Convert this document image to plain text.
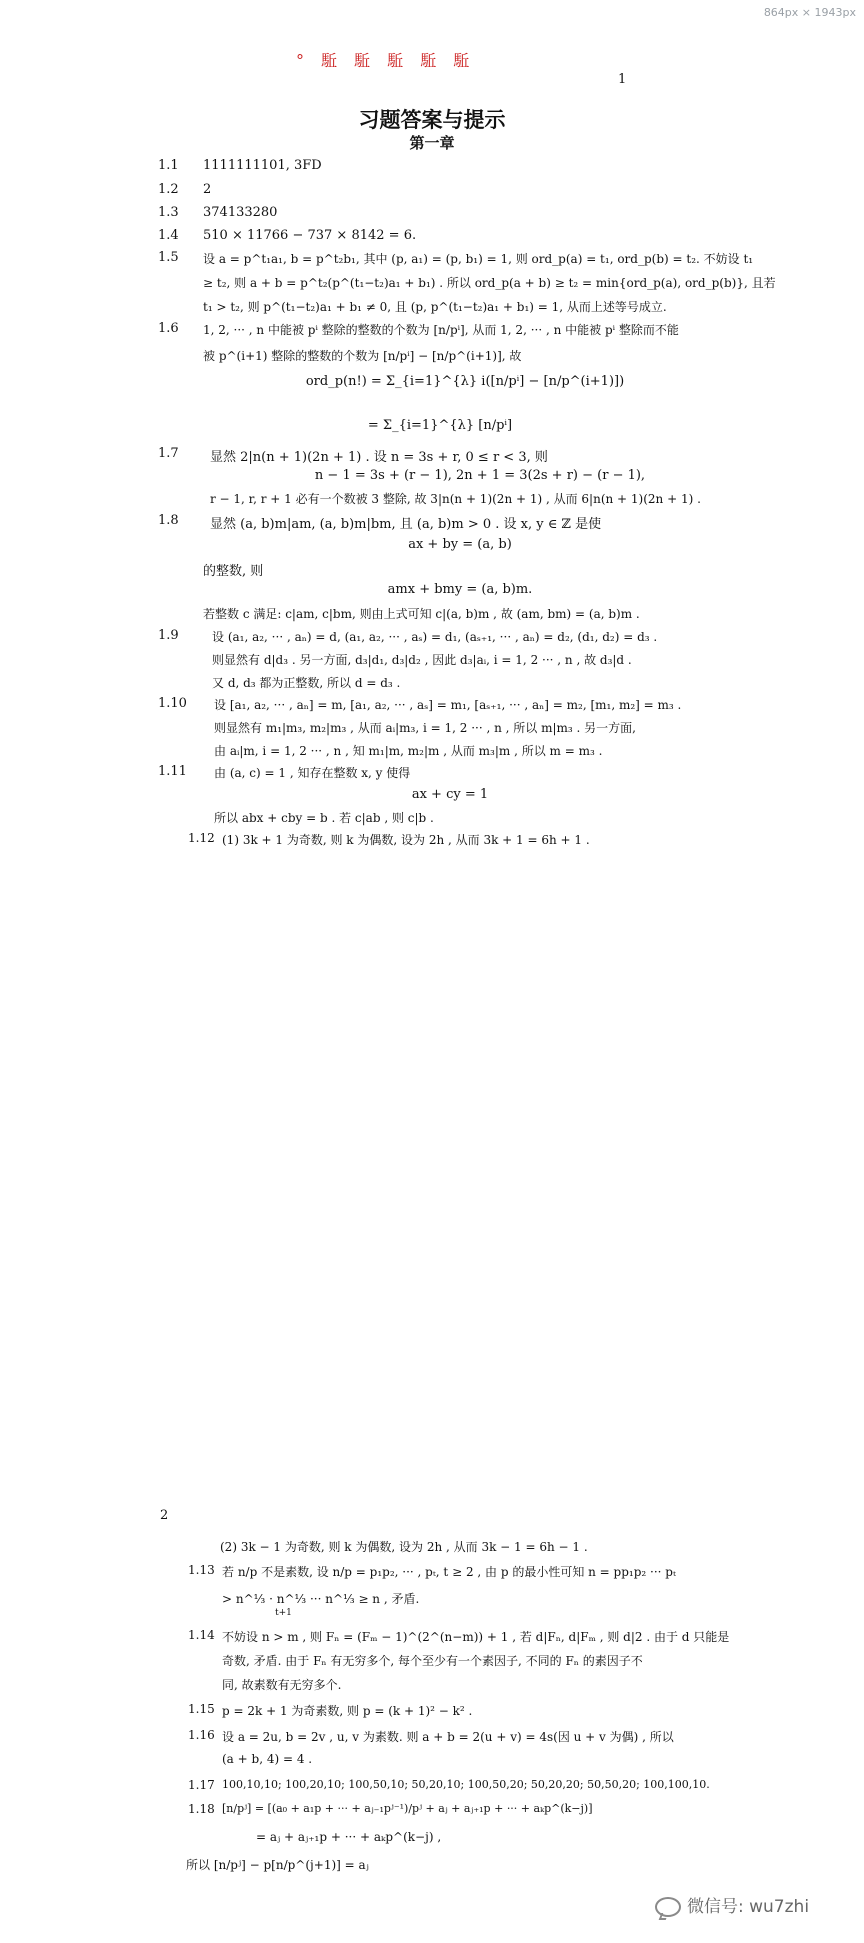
864px × 1943px
° 駈 駈 駈 駈 駈
1
习题答案与提示
第一章
1.1 1111111101, 3FD
1.2 2
1.3 374133280
1.4 510 × 11766 − 737 × 8142 = 6.
1.5 设 a = p^t₁a₁, b = p^t₂b₁, 其中 (p, a₁) = (p, b₁) = 1, 则 ord_p(a) = t₁, ord_p(b) = t₂. 不妨设 t₁
≥ t₂, 则 a + b = p^t₂(p^(t₁−t₂)a₁ + b₁) . 所以 ord_p(a + b) ≥ t₂ = min{ord_p(a), ord_p(b)}, 且若
t₁ > t₂, 则 p^(t₁−t₂)a₁ + b₁ ≠ 0, 且 (p, p^(t₁−t₂)a₁ + b₁) = 1, 从而上述等号成立.
1.6 1, 2, ··· , n 中能被 pⁱ 整除的整数的个数为 [n/pⁱ], 从而 1, 2, ··· , n 中能被 pⁱ 整除而不能
被 p^(i+1) 整除的整数的个数为 [n/pⁱ] − [n/p^(i+1)], 故
ord_p(n!) = Σ_{i=1}^{λ} i([n/pⁱ] − [n/p^(i+1)])
= Σ_{i=1}^{λ} [n/pⁱ]
1.7 显然 2|n(n + 1)(2n + 1) . 设 n = 3s + r, 0 ≤ r < 3, 则
n − 1 = 3s + (r − 1), 2n + 1 = 3(2s + r) − (r − 1),
r − 1, r, r + 1 必有一个数被 3 整除, 故 3|n(n + 1)(2n + 1) , 从而 6|n(n + 1)(2n + 1) .
1.8 显然 (a, b)m|am, (a, b)m|bm, 且 (a, b)m > 0 . 设 x, y ∈ ℤ 是使
ax + by = (a, b)
的整数, 则
amx + bmy = (a, b)m.
若整数 c 满足: c|am, c|bm, 则由上式可知 c|(a, b)m , 故 (am, bm) = (a, b)m .
1.9	设 (a₁, a₂, ··· , aₙ) = d, (a₁, a₂, ··· , aₛ) = d₁, (aₛ₊₁, ··· , aₙ) = d₂, (d₁, d₂) = d₃ .
则显然有 d|d₃ . 另一方面, d₃|d₁, d₃|d₂ , 因此 d₃|aᵢ, i = 1, 2 ··· , n , 故 d₃|d .
又 d, d₃ 都为正整数, 所以 d = d₃ .
1.10 设 [a₁, a₂, ··· , aₙ] = m, [a₁, a₂, ··· , aₛ] = m₁, [aₛ₊₁, ··· , aₙ] = m₂, [m₁, m₂] = m₃ .
则显然有 m₁|m₃, m₂|m₃ , 从而 aᵢ|m₃, i = 1, 2 ··· , n , 所以 m|m₃ . 另一方面,
由 aᵢ|m, i = 1, 2 ··· , n , 知 m₁|m, m₂|m , 从而 m₃|m , 所以 m = m₃ .
1.11 由 (a, c) = 1 , 知存在整数 x, y 使得
ax + cy = 1
所以 abx + cby = b . 若 c|ab , 则 c|b .
1.12 (1) 3k + 1 为奇数, 则 k 为偶数, 设为 2h , 从而 3k + 1 = 6h + 1 .
2
(2) 3k − 1 为奇数, 则 k 为偶数, 设为 2h , 从而 3k − 1 = 6h − 1 .
1.13 若 n/p 不是素数, 设 n/p = p₁p₂, ··· , pₜ, t ≥ 2 , 由 p 的最小性可知 n = pp₁p₂ ··· pₜ
> n^⅓ · n^⅓ ··· n^⅓ ≥ n , 矛盾.
t+1
1.14 不妨设 n > m , 则 Fₙ = (Fₘ − 1)^(2^(n−m)) + 1 , 若 d|Fₙ, d|Fₘ , 则 d|2 . 由于 d 只能是
奇数, 矛盾. 由于 Fₙ 有无穷多个, 每个至少有一个素因子, 不同的 Fₙ 的素因子不
同, 故素数有无穷多个.
1.15 p = 2k + 1 为奇素数, 则 p = (k + 1)² − k² .
1.16 设 a = 2u, b = 2v , u, v 为素数. 则 a + b = 2(u + v) = 4s(因 u + v 为偶) , 所以
(a + b, 4) = 4 .
1.17 100,10,10; 100,20,10; 100,50,10; 50,20,10; 100,50,20; 50,20,20; 50,50,20; 100,100,10.
1.18 [n/pʲ] = [(a₀ + a₁p + ··· + aⱼ₋₁pʲ⁻¹)/pʲ + aⱼ + aⱼ₊₁p + ··· + aₖp^(k−j)]
= aⱼ + aⱼ₊₁p + ··· + aₖp^(k−j) ,
所以 [n/pʲ] − p[n/p^(j+1)] = aⱼ
微信号: wu7zhi
